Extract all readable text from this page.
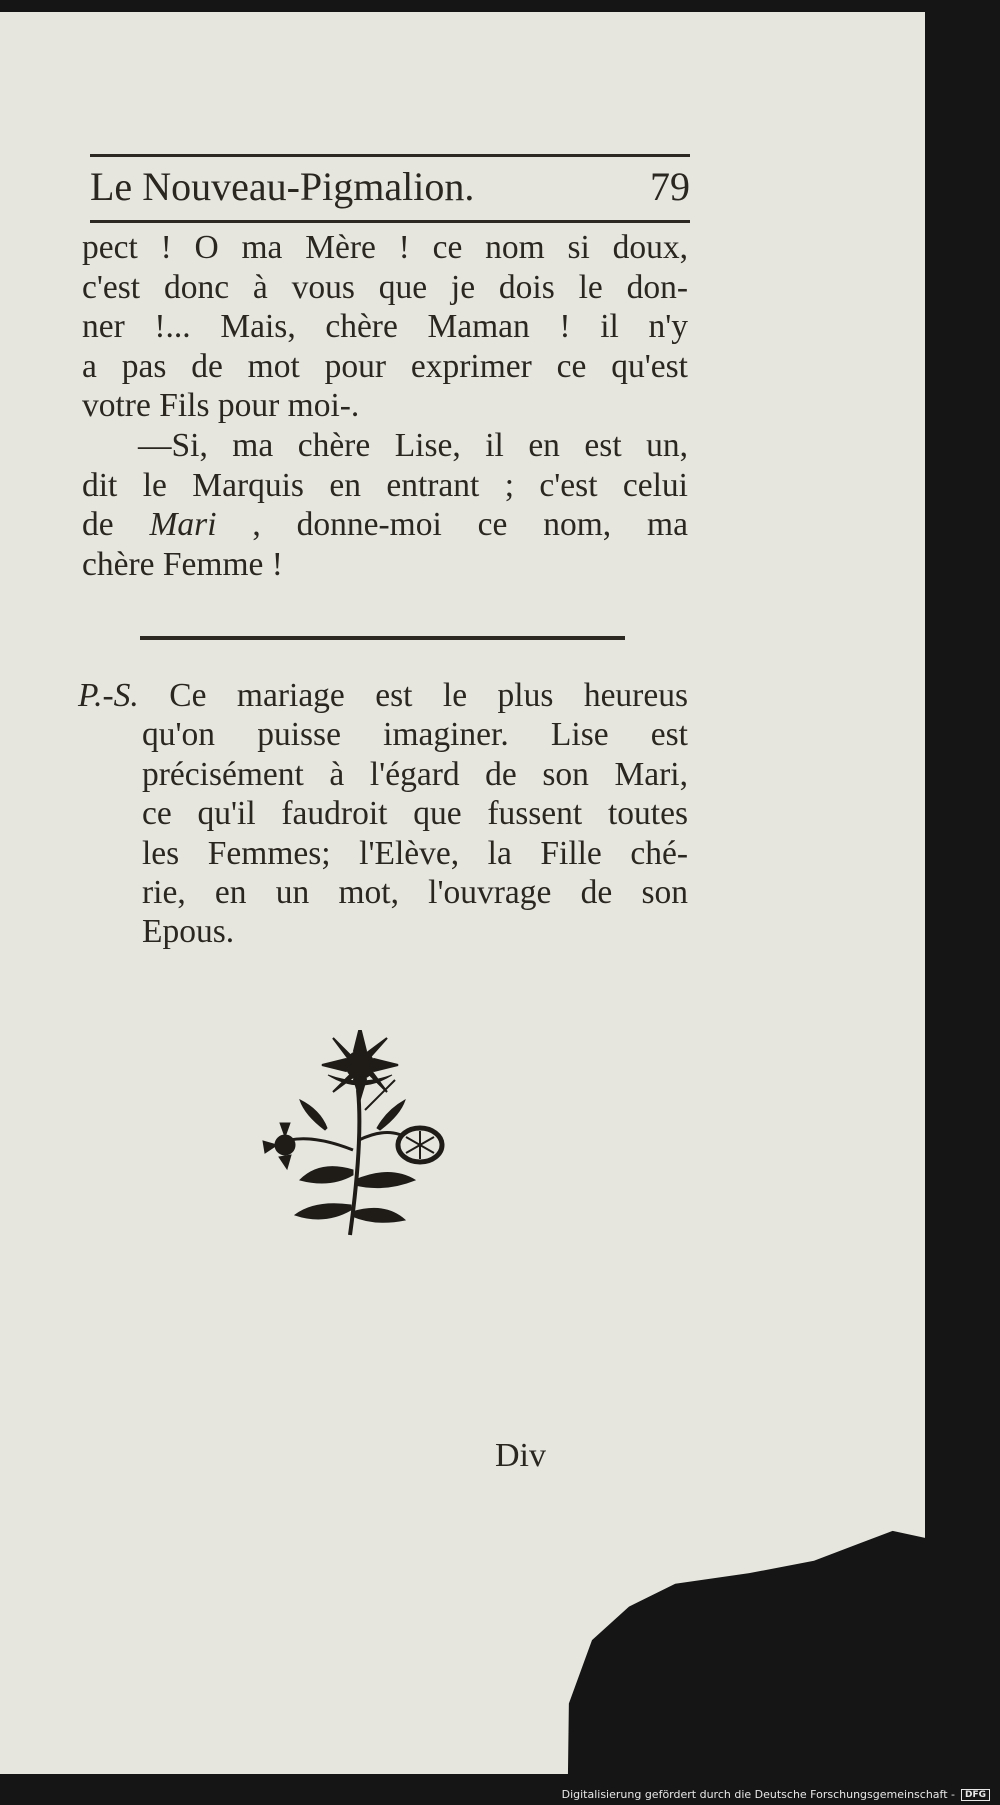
Le Nouveau-Pigmalion.	79
pect ! O ma Mère ! ce nom si doux,
c'est donc à vous que je dois le don-
ner !... Mais, chère Maman ! il n'y
a pas de mot pour exprimer ce qu'est
votre Fils pour moi-.
—Si, ma chère Lise, il en est un,
dit le Marquis en entrant ; c'est celui
de Mari , donne-moi ce nom, ma
chère Femme !
P.-S. Ce mariage est le plus heureus
qu'on puisse imaginer. Lise est
précisément à l'égard de son Mari,
ce qu'il faudroit que fussent toutes
les Femmes; l'Elève, la Fille ché-
rie, en un mot, l'ouvrage de son
Epous.
Div
Digitalisierung gefördert durch die Deutsche Forschungsgemeinschaft -	DFG
